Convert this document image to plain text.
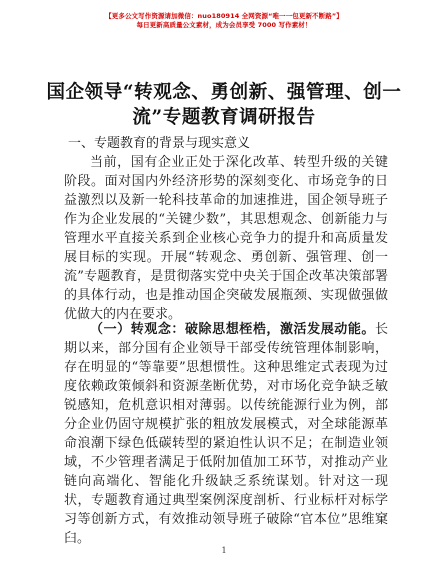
【更多公文写作资源请加微信：nuo180914 全网资源“唯一一包更新不断路”】
每日更新高质量公文素材，成为会员享受 7000 写作素材！
国企领导“转观念、勇创新、强管理、创一流”专题教育调研报告
一、专题教育的背景与现实意义
当前，国有企业正处于深化改革、转型升级的关键阶段。面对国内外经济形势的深刻变化、市场竞争的日益激烈以及新一轮科技革命的加速推进，国企领导班子作为企业发展的“关键少数”，其思想观念、创新能力与管理水平直接关系到企业核心竞争力的提升和高质量发展目标的实现。开展“转观念、勇创新、强管理、创一流”专题教育，是贯彻落实党中央关于国企改革决策部署的具体行动，也是推动国企突破发展瓶颈、实现做强做优做大的内在要求。
（一）转观念：破除思想桎梏，激活发展动能。长期以来，部分国有企业领导干部受传统管理体制影响，存在明显的“等靠要”思想惯性。这种思维定式表现为过度依赖政策倾斜和资源垄断优势，对市场化竞争缺乏敏锐感知，危机意识相对薄弱。以传统能源行业为例，部分企业仍固守规模扩张的粗放发展模式，对全球能源革命浪潮下绿色低碳转型的紧迫性认识不足；在制造业领域，不少管理者满足于低附加值加工环节，对推动产业链向高端化、智能化升级缺乏系统谋划。针对这一现状，专题教育通过典型案例深度剖析、行业标杆对标学习等创新方式，有效推动领导班子破除“官本位”思维窠臼。
1
